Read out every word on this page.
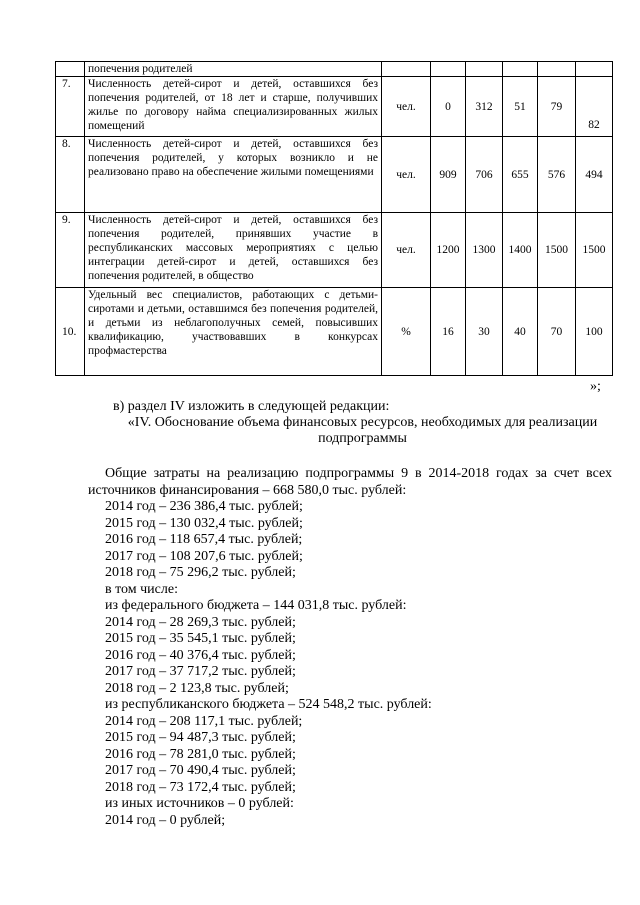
	попечения родителей						
7.	Численность детей-сирот и детей, оставшихся без попечения родителей, от 18 лет и старше, получивших жилье по договору найма специализированных жилых помещений	чел.	0	312	51	79	82
8.	Численность детей-сирот и детей, оставшихся без попечения родителей, у которых возникло и не реализовано право на обеспечение жилыми помещениями	чел.	909	706	655	576	494
9.	Численность детей-сирот и детей, оставшихся без попечения родителей, принявших участие в республиканских массовых мероприятиях с целью интеграции детей-сирот и детей, оставшихся без попечения родителей, в общество	чел.	1200	1300	1400	1500	1500
10.	Удельный вес специалистов, работающих с детьми-сиротами и детьми, оставшимся без попечения родителей, и детьми из неблагополучных семей, повысивших квалификацию, участвовавших в конкурсах профмастерства	%	16	30	40	70	100
»;
в) раздел IV изложить в следующей редакции:
«IV. Обоснование объема финансовых ресурсов, необходимых для реализации подпрограммы
Общие затраты на реализацию подпрограммы 9 в 2014-2018 годах за счет всех источников финансирования – 668 580,0 тыс. рублей:
2014 год – 236 386,4 тыс. рублей;
2015 год – 130 032,4 тыс. рублей;
2016 год – 118 657,4 тыс. рублей;
2017 год – 108 207,6 тыс. рублей;
2018 год – 75 296,2 тыс. рублей;
в том числе:
из федерального бюджета – 144 031,8 тыс. рублей:
2014 год – 28 269,3 тыс. рублей;
2015 год – 35 545,1 тыс. рублей;
2016 год – 40 376,4 тыс. рублей;
2017 год – 37 717,2 тыс. рублей;
2018 год – 2 123,8 тыс. рублей;
из республиканского бюджета – 524 548,2 тыс. рублей:
2014 год – 208 117,1 тыс. рублей;
2015 год – 94 487,3 тыс. рублей;
2016 год – 78 281,0 тыс. рублей;
2017 год – 70 490,4 тыс. рублей;
2018 год – 73 172,4 тыс. рублей;
из иных источников – 0 рублей:
2014 год – 0 рублей;
